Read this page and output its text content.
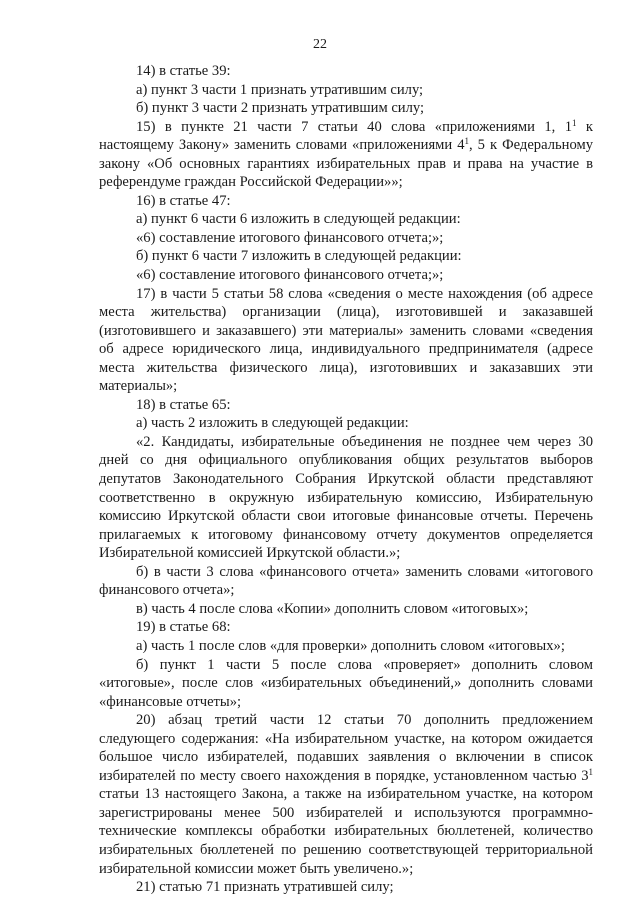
22

14) в статье 39:

а) пункт 3 части 1 признать утратившим силу;

б) пункт 3 части 2 признать утратившим силу;

15) в пункте 21 части 7 статьи 40 слова «приложениями 1, $1^1$ к настоящему Закону» заменить словами «приложениями $4^1$, 5 к Федеральному закону «Об основных гарантиях избирательных прав и права на участие в референдуме граждан Российской Федерации»»;

16) в статье 47:

а) пункт 6 части 6 изложить в следующей редакции:

«6) составление итогового финансового отчета;»;

б) пункт 6 части 7 изложить в следующей редакции:

«6) составление итогового финансового отчета;»;

17) в части 5 статьи 58 слова «сведения о месте нахождения (об адресе места жительства) организации (лица), изготовившей и заказавшей (изготовившего и заказавшего) эти материалы» заменить словами «сведения об адресе юридического лица, индивидуального предпринимателя (адресе места жительства физического лица), изготовивших и заказавших эти материалы»;

18) в статье 65:

а) часть 2 изложить в следующей редакции:

«2. Кандидаты, избирательные объединения не позднее чем через 30 дней со дня официального опубликования общих результатов выборов депутатов Законодательного Собрания Иркутской области представляют соответственно в окружную избирательную комиссию, Избирательную комиссию Иркутской области свои итоговые финансовые отчеты. Перечень прилагаемых к итоговому финансовому отчету документов определяется Избирательной комиссией Иркутской области.»;

б) в части 3 слова «финансового отчета» заменить словами «итогового финансового отчета»;

в) часть 4 после слова «Копии» дополнить словом «итоговых»;

19) в статье 68:

а) часть 1 после слов «для проверки» дополнить словом «итоговых»;

б) пункт 1 части 5 после слова «проверяет» дополнить словом «итоговые», после слов «избирательных объединений,» дополнить словами «финансовые отчеты»;

20) абзац третий части 12 статьи 70 дополнить предложением следующего содержания: «На избирательном участке, на котором ожидается большое число избирателей, подавших заявления о включении в список избирателей по месту своего нахождения в порядке, установленном частью $3^1$ статьи 13 настоящего Закона, а также на избирательном участке, на котором зарегистрированы менее 500 избирателей и используются программно-технические комплексы обработки избирательных бюллетеней, количество избирательных бюллетеней по решению соответствующей территориальной избирательной комиссии может быть увеличено.»;

21) статью 71 признать утратившей силу;
